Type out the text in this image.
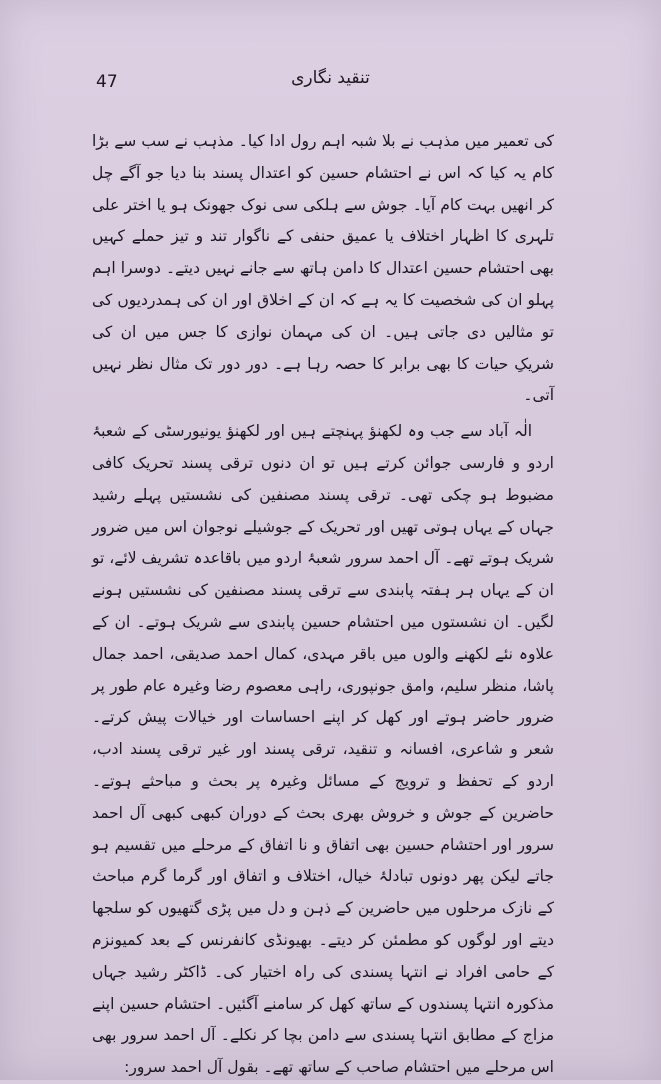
47	تنقید نگاری

کی تعمیر میں مذہب نے بلا شبہ اہم رول ادا کیا۔ مذہب نے سب سے بڑا کام یہ کیا کہ اس نے احتشام حسین کو اعتدال پسند بنا دیا جو آگے چل کر انھیں بہت کام آیا۔ جوش سے ہلکی سی نوک جھونک ہو یا اختر علی تلہری کا اظہار اختلاف یا عمیق حنفی کے ناگوار تند و تیز حملے کہیں بھی احتشام حسین اعتدال کا دامن ہاتھ سے جانے نہیں دیتے۔ دوسرا اہم پہلو ان کی شخصیت کا یہ ہے کہ ان کے اخلاق اور ان کی ہمدردیوں کی تو مثالیں دی جاتی ہیں۔ ان کی مہمان نوازی کا جس میں ان کی شریکِ حیات کا بھی برابر کا حصہ رہا ہے۔ دور دور تک مثال نظر نہیں آتی۔

الٰہ آباد سے جب وہ لکھنؤ پہنچتے ہیں اور لکھنؤ یونیورسٹی کے شعبۂ اردو و فارسی جوائن کرتے ہیں تو ان دنوں ترقی پسند تحریک کافی مضبوط ہو چکی تھی۔ ترقی پسند مصنفین کی نشستیں پہلے رشید جہاں کے یہاں ہوتی تھیں اور تحریک کے جوشیلے نوجوان اس میں ضرور شریک ہوتے تھے۔ آل احمد سرور شعبۂ اردو میں باقاعدہ تشریف لائے، تو ان کے یہاں ہر ہفتہ پابندی سے ترقی پسند مصنفین کی نشستیں ہونے لگیں۔ ان نشستوں میں احتشام حسین پابندی سے شریک ہوتے۔ ان کے علاوہ نئے لکھنے والوں میں باقر مہدی، کمال احمد صدیقی، احمد جمال پاشا، منظر سلیم، وامق جونپوری، راہی معصوم رضا وغیرہ عام طور پر ضرور حاضر ہوتے اور کھل کر اپنے احساسات اور خیالات پیش کرتے۔ شعر و شاعری، افسانہ و تنقید، ترقی پسند اور غیر ترقی پسند ادب، اردو کے تحفظ و ترویج کے مسائل وغیرہ پر بحث و مباحثے ہوتے۔ حاضرین کے جوش و خروش بھری بحث کے دوران کبھی کبھی آل احمد سرور اور احتشام حسین بھی اتفاق و نا اتفاق کے مرحلے میں تقسیم ہو جاتے لیکن پھر دونوں تبادلۂ خیال، اختلاف و اتفاق اور گرما گرم مباحث کے نازک مرحلوں میں حاضرین کے ذہن و دل میں پڑی گتھیوں کو سلجھا دیتے اور لوگوں کو مطمئن کر دیتے۔ بھیونڈی کانفرنس کے بعد کمیونزم کے حامی افراد نے انتہا پسندی کی راہ اختیار کی۔ ڈاکٹر رشید جہاں مذکورہ انتہا پسندوں کے ساتھ کھل کر سامنے آگئیں۔ احتشام حسین اپنے مزاج کے مطابق انتہا پسندی سے دامن بچا کر نکلے۔ آل احمد سرور بھی اس مرحلے میں احتشام صاحب کے ساتھ تھے۔ بقول آل احمد سرور:
